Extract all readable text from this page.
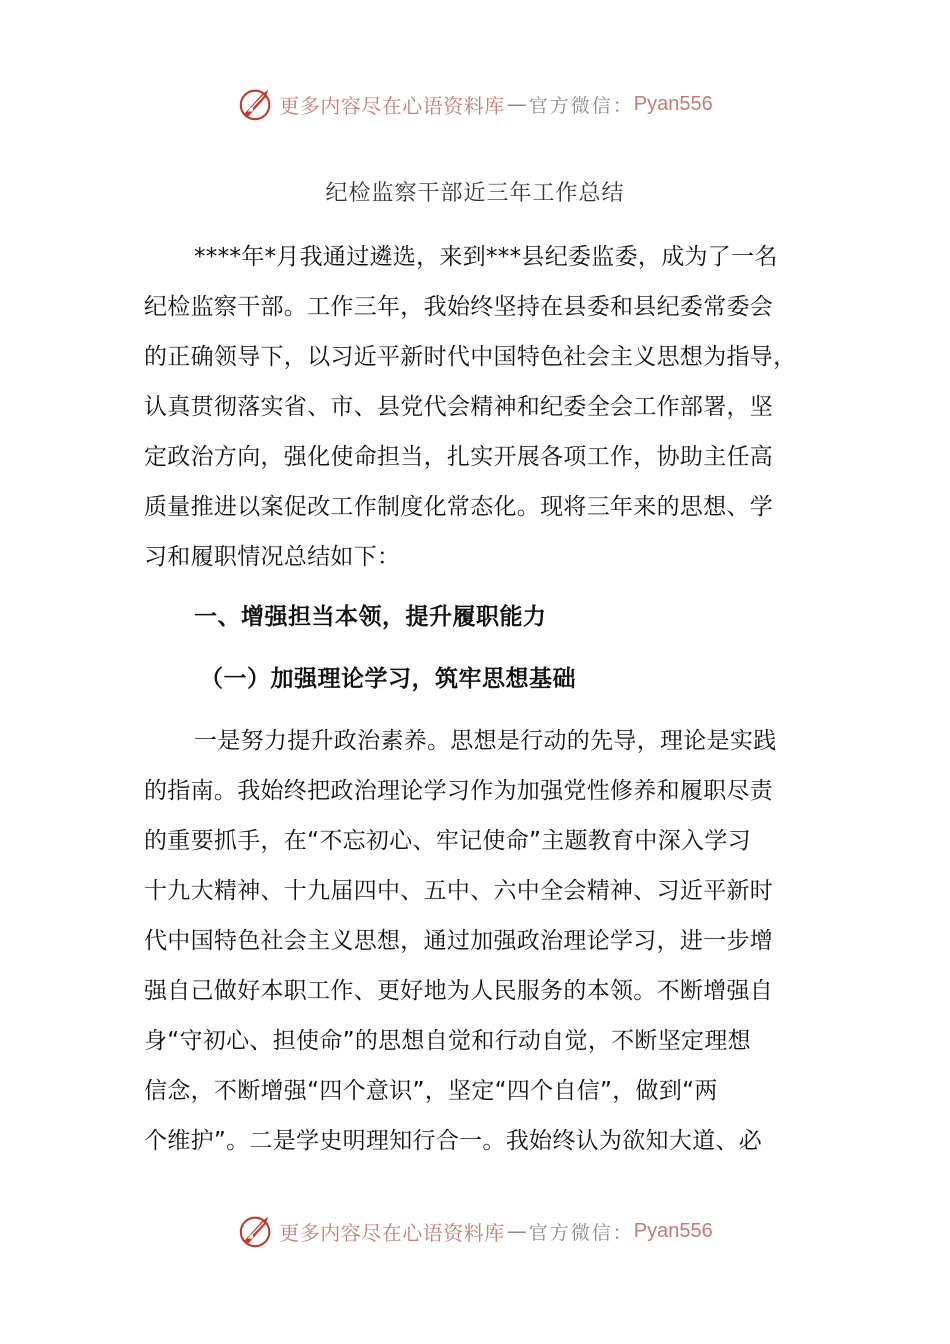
更多内容尽在心语资料库 — 官方微信： Pyan556
纪检监察干部近三年工作总结
****年*月我通过遴选，来到***县纪委监委，成为了一名
纪检监察干部。工作三年，我始终坚持在县委和县纪委常委会
的正确领导下，以习近平新时代中国特色社会主义思想为指导，
认真贯彻落实省、市、县党代会精神和纪委全会工作部署，坚
定政治方向，强化使命担当，扎实开展各项工作，协助主任高
质量推进以案促改工作制度化常态化。现将三年来的思想、学
习和履职情况总结如下：
一、增强担当本领，提升履职能力
（一）加强理论学习，筑牢思想基础
一是努力提升政治素养。思想是行动的先导，理论是实践
的指南。我始终把政治理论学习作为加强党性修养和履职尽责
的重要抓手，在“不忘初心、牢记使命”主题教育中深入学习
十九大精神、十九届四中、五中、六中全会精神、习近平新时
代中国特色社会主义思想，通过加强政治理论学习，进一步增
强自己做好本职工作、更好地为人民服务的本领。不断增强自
身“守初心、担使命”的思想自觉和行动自觉，不断坚定理想
信念，不断增强“四个意识”，坚定“四个自信”，做到“两
个维护”。二是学史明理知行合一。我始终认为欲知大道、必
更多内容尽在心语资料库 — 官方微信： Pyan556
